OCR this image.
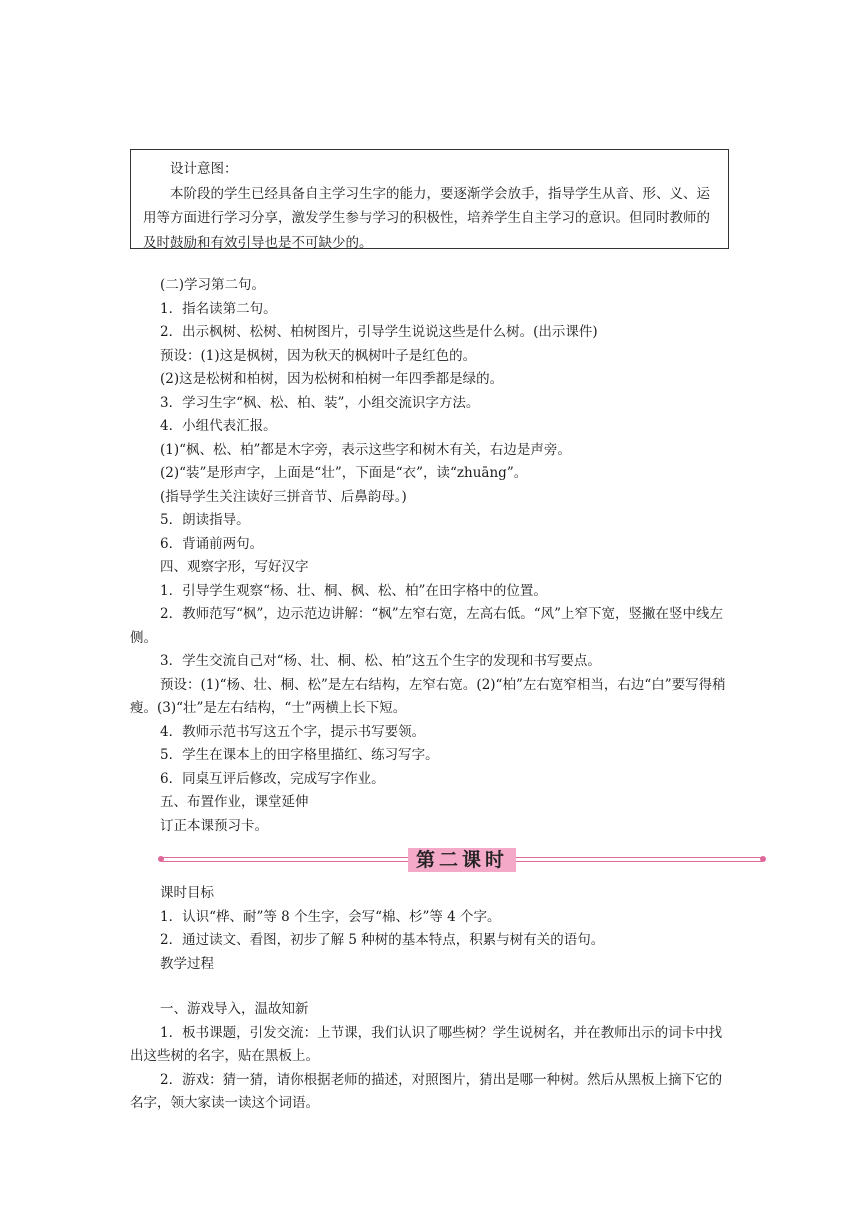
设计意图：

本阶段的学生已经具备自主学习生字的能力，要逐渐学会放手，指导学生从音、形、义、运用等方面进行学习分享，激发学生参与学习的积极性，培养学生自主学习的意识。但同时教师的及时鼓励和有效引导也是不可缺少的。

(二)学习第二句。

1．指名读第二句。

2．出示枫树、松树、柏树图片，引导学生说说这些是什么树。(出示课件)

预设：(1)这是枫树，因为秋天的枫树叶子是红色的。

(2)这是松树和柏树，因为松树和柏树一年四季都是绿的。

3．学习生字“枫、松、柏、装”，小组交流识字方法。

4．小组代表汇报。

(1)“枫、松、柏”都是木字旁，表示这些字和树木有关，右边是声旁。

(2)“装”是形声字，上面是“壮”，下面是“衣”，读“zhuāng”。

(指导学生关注读好三拼音节、后鼻韵母。)

5．朗读指导。

6．背诵前两句。

四、观察字形，写好汉字

1．引导学生观察“杨、壮、桐、枫、松、柏”在田字格中的位置。

2．教师范写“枫”，边示范边讲解：“枫”左窄右宽，左高右低。“风”上窄下宽，竖撇在竖中线左侧。

3．学生交流自己对“杨、壮、桐、松、柏”这五个生字的发现和书写要点。

预设：(1)“杨、壮、桐、松”是左右结构，左窄右宽。(2)“柏”左右宽窄相当，右边“白”要写得稍瘦。(3)“壮”是左右结构，“士”两横上长下短。

4．教师示范书写这五个字，提示书写要领。

5．学生在课本上的田字格里描红、练习写字。

6．同桌互评后修改，完成写字作业。

五、布置作业，课堂延伸

订正本课预习卡。

第二课时

课时目标

1．认识“桦、耐”等 8 个生字，会写“棉、杉”等 4 个字。

2．通过读文、看图，初步了解 5 种树的基本特点，积累与树有关的语句。

教学过程

一、游戏导入，温故知新

1．板书课题，引发交流：上节课，我们认识了哪些树？学生说树名，并在教师出示的词卡中找出这些树的名字，贴在黑板上。

2．游戏：猜一猜，请你根据老师的描述，对照图片，猜出是哪一种树。然后从黑板上摘下它的名字，领大家读一读这个词语。
